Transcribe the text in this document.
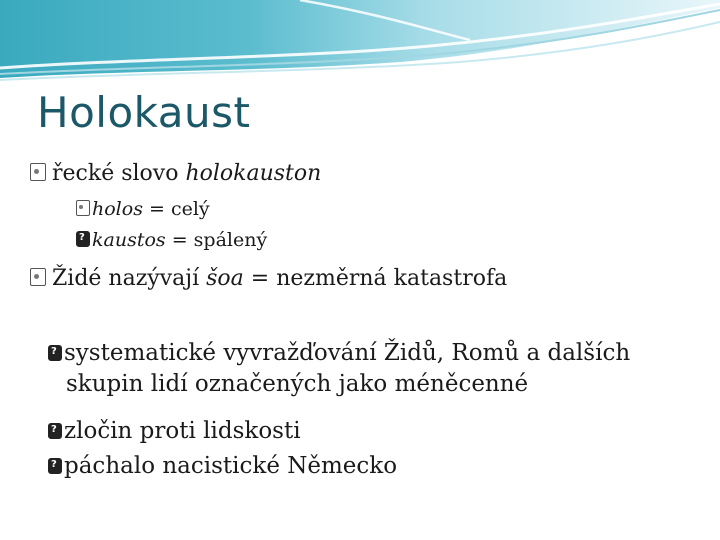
Holokaust
řecké slovo holokauston
holos = celý
?kaustos = spálený
Židé nazývají šoa = nezměrná katastrofa
?systematické vyvražďování Židů, Romů a dalších
skupin lidí označených jako méněcenné
?zločin proti lidskosti
?páchalo nacistické Německo
